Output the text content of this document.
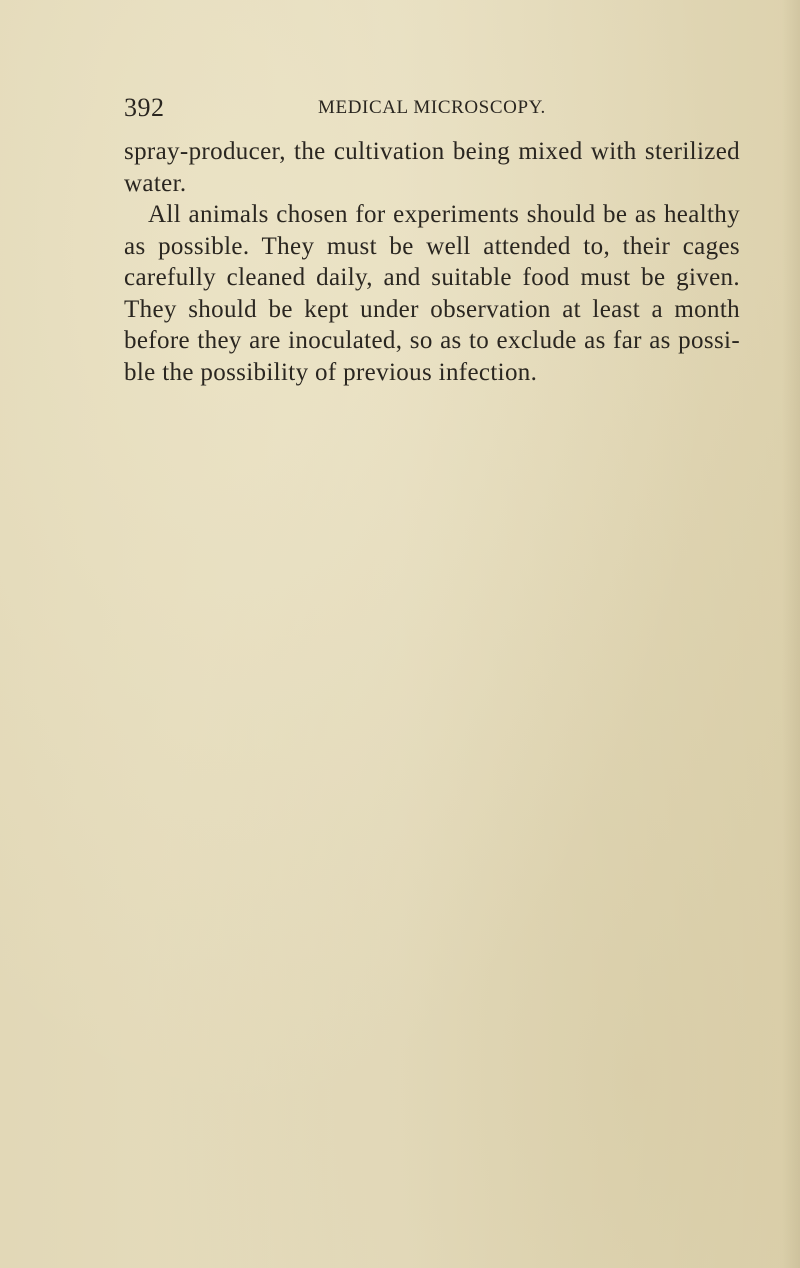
392	MEDICAL MICROSCOPY.
spray-producer, the cultivation being mixed with sterilized
water.
All animals chosen for experiments should be as healthy
as possible. They must be well attended to, their cages
carefully cleaned daily, and suitable food must be given.
They should be kept under observation at least a month
before they are inoculated, so as to exclude as far as possi-
ble the possibility of previous infection.
